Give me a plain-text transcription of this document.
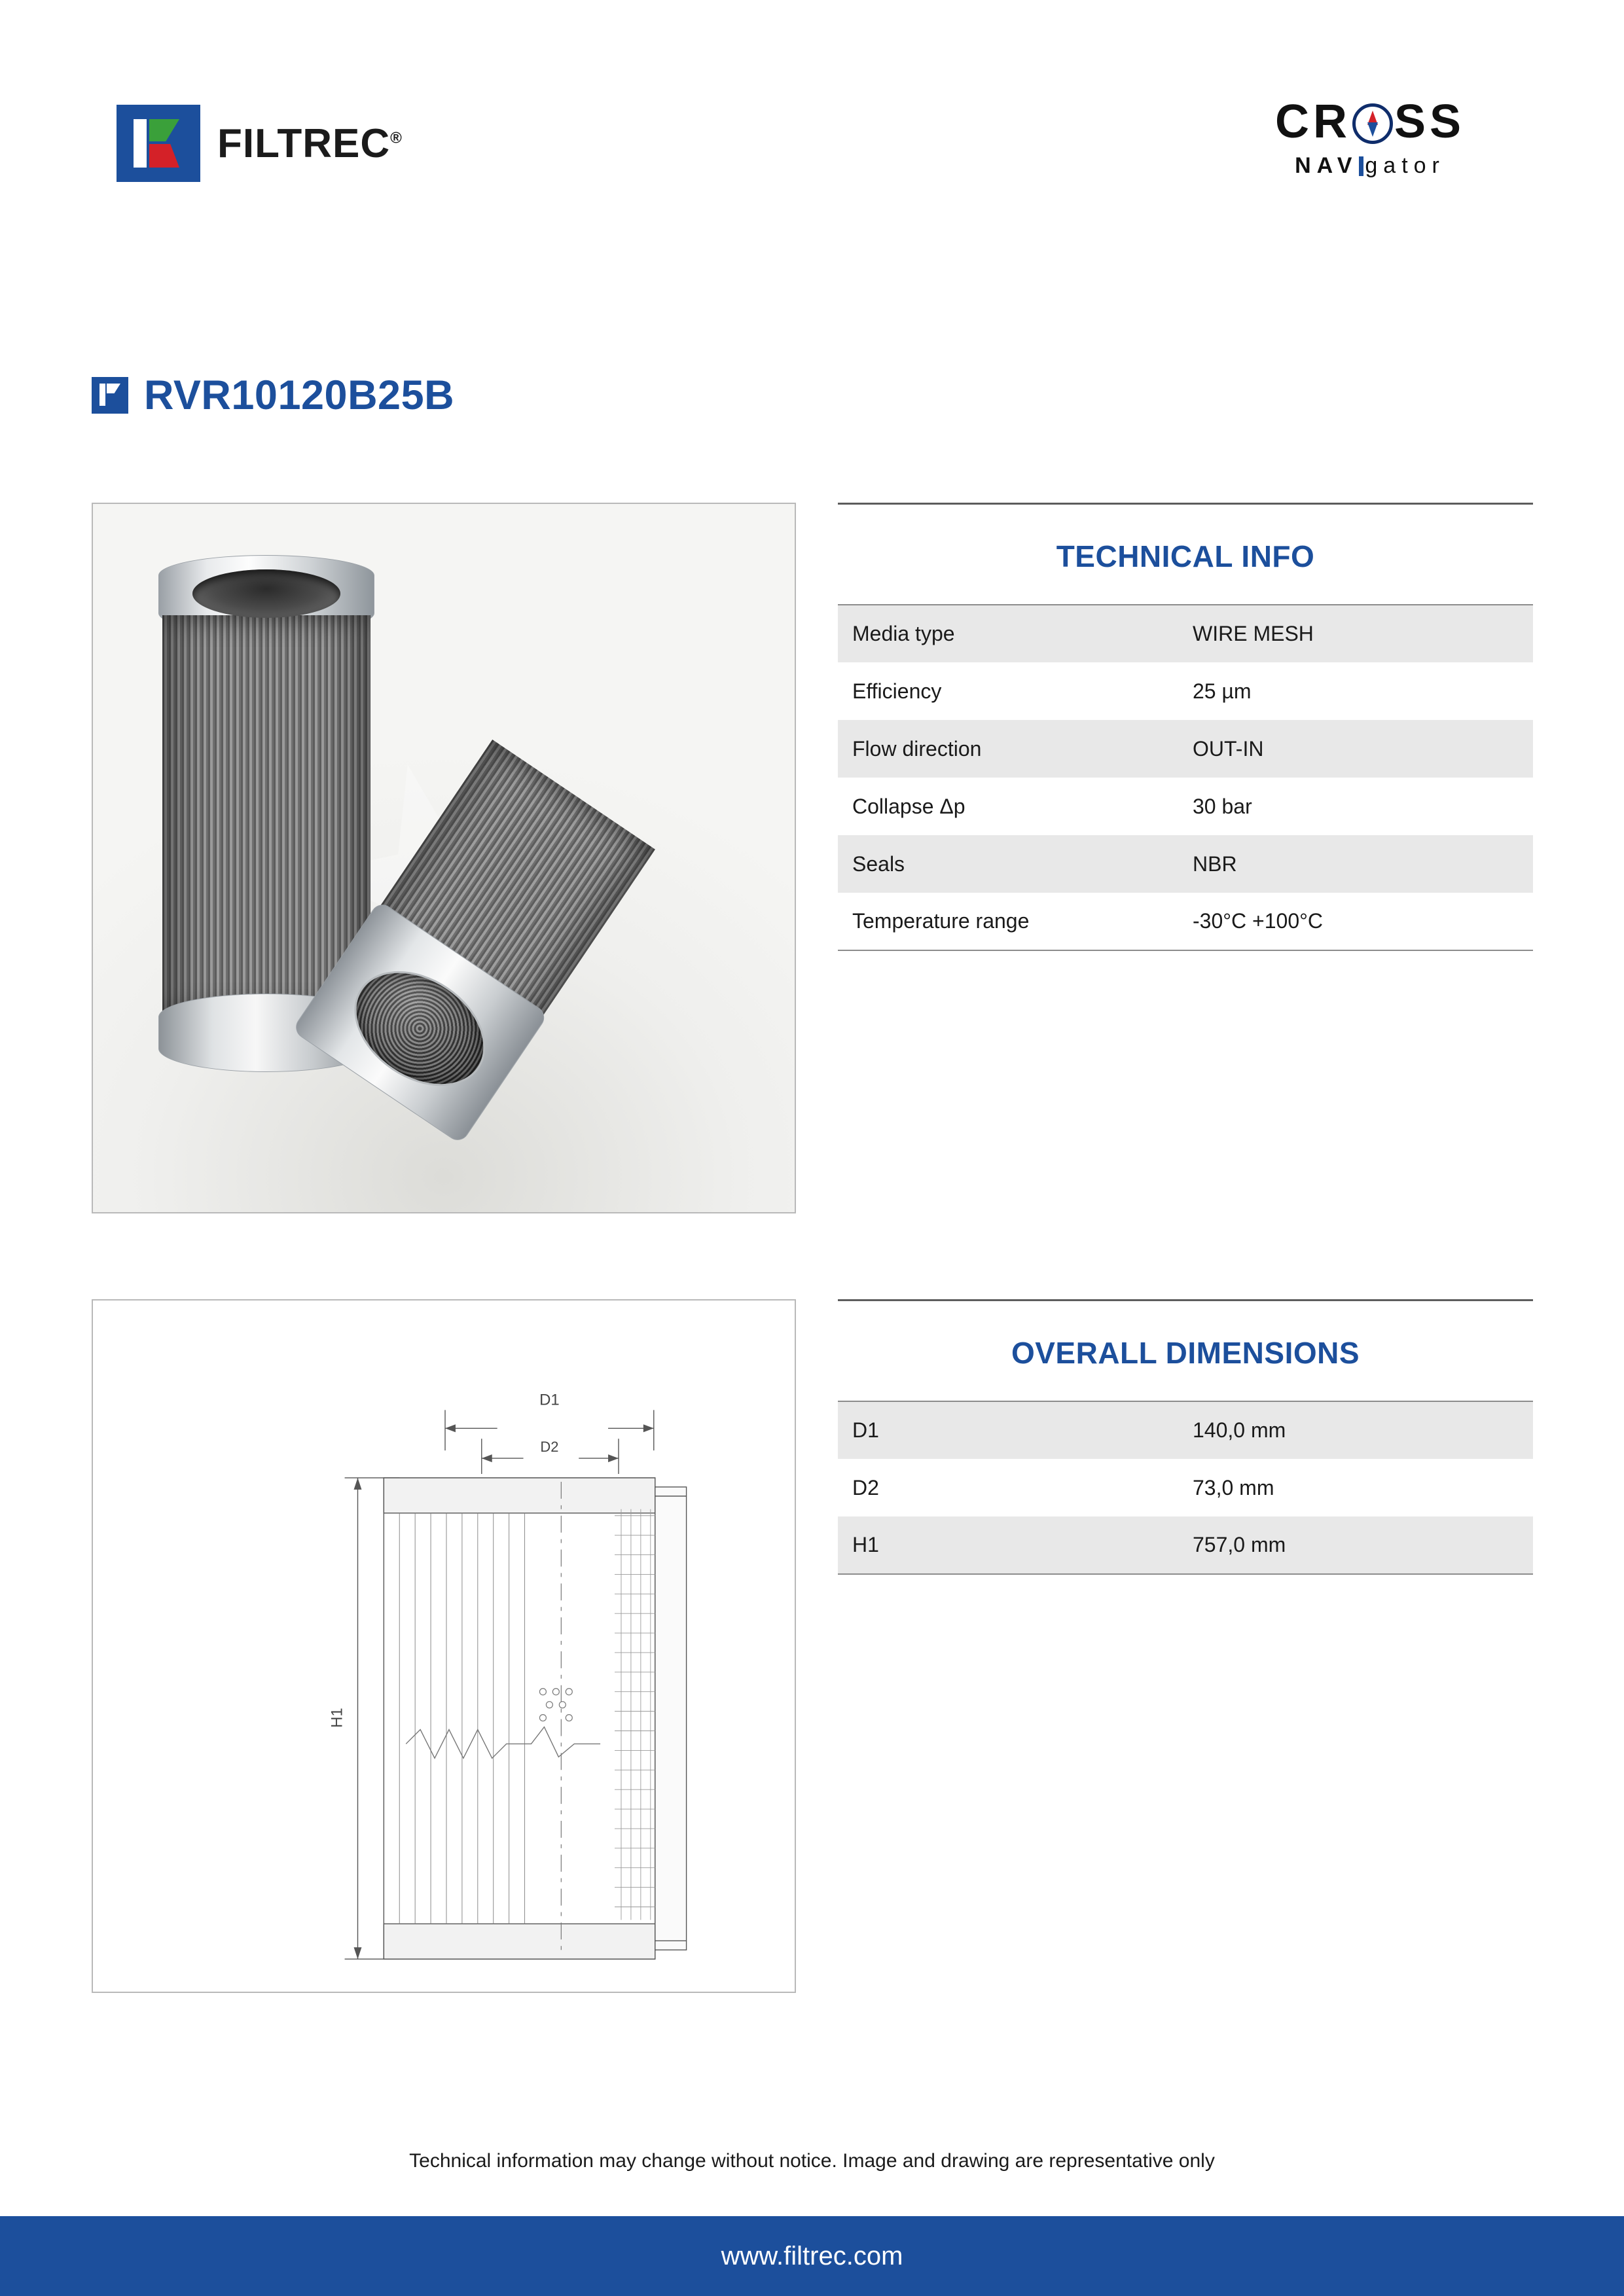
FILTREC®	CR SS
NAV gator
RVR10120B25B
D1
D2
H1
TECHNICAL INFO
Media type	WIRE MESH
Efficiency	25 µm
Flow direction	OUT-IN
Collapse Δp	30 bar
Seals	NBR
Temperature range	-30°C +100°C
OVERALL DIMENSIONS
D1	140,0 mm
D2	73,0 mm
H1	757,0 mm
Technical information may change without notice. Image and drawing are representative only
www.filtrec.com
